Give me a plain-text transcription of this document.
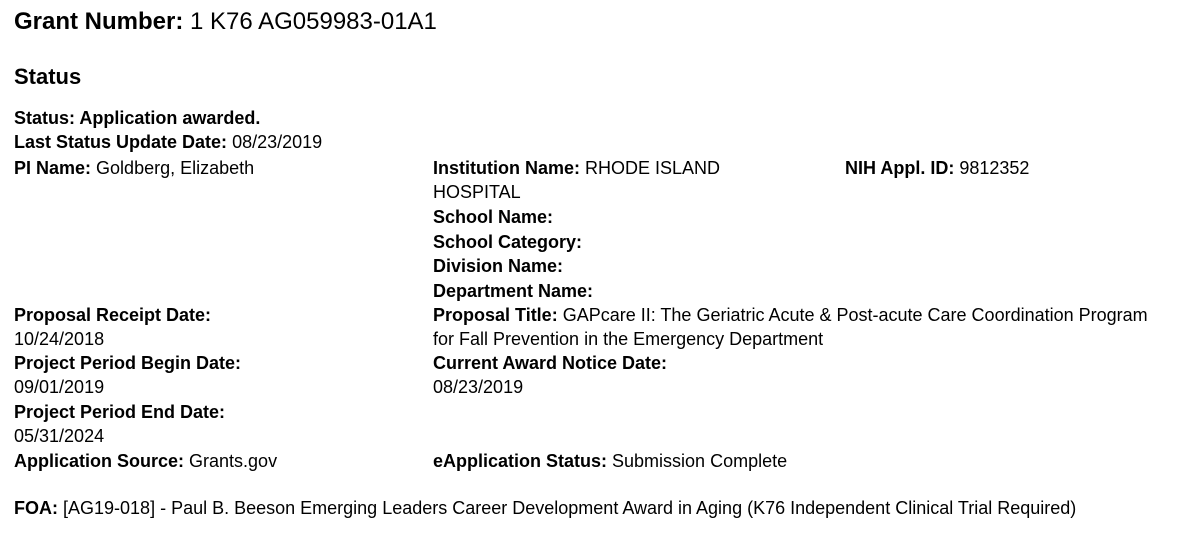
Grant Number: 1 K76 AG059983-01A1
Status
Status: Application awarded.
Last Status Update Date: 08/23/2019
PI Name: Goldberg, Elizabeth	Institution Name: RHODE ISLAND HOSPITAL
NIH Appl. ID: 9812352
School Name:
School Category:
Division Name:
Department Name:
Proposal Receipt Date:
10/24/2018
Proposal Title: GAPcare II: The Geriatric Acute & Post-acute Care Coordination Program for Fall Prevention in the Emergency Department
Project Period Begin Date:
09/01/2019
Current Award Notice Date:
08/23/2019
Project Period End Date:
05/31/2024
Application Source: Grants.gov	eApplication Status: Submission Complete
FOA: [AG19-018] - Paul B. Beeson Emerging Leaders Career Development Award in Aging (K76 Independent Clinical Trial Required)
